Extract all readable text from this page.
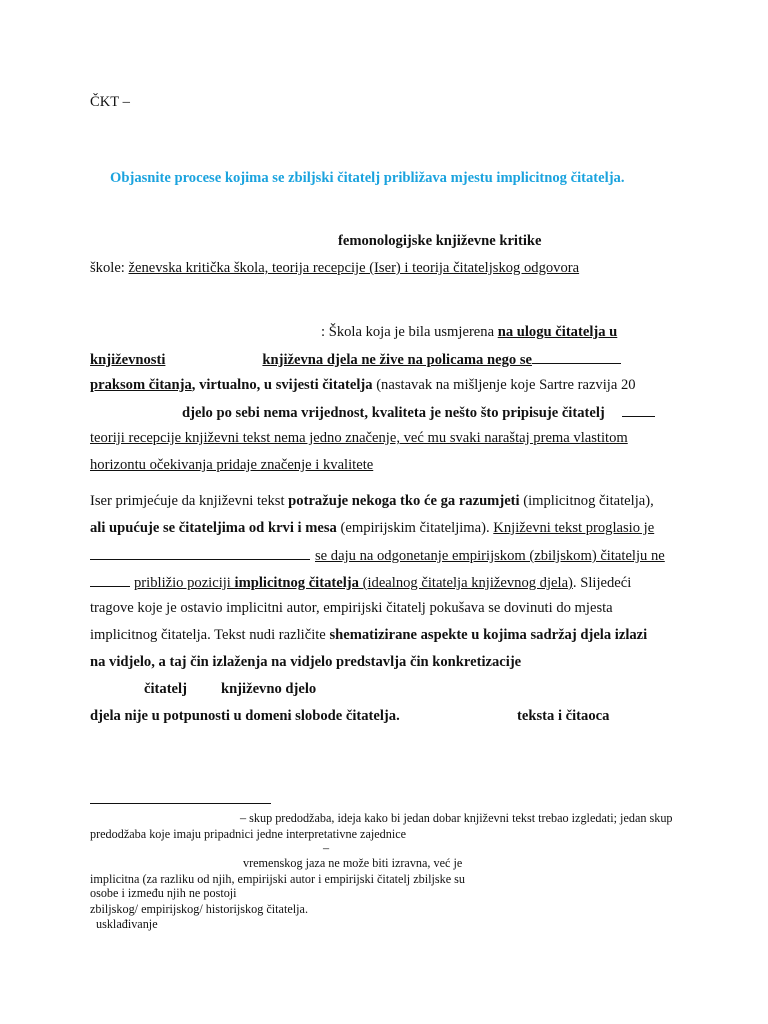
ČKT –
Objasnite procese kojima se zbiljski čitatelj približava mjestu implicitnog čitatelja.
femonologijske književne kritike
škole: ženevska kritička škola, teorija recepcije (Iser) i teorija čitateljskog odgovora
: Škola koja je bila usmjerena na ulogu čitatelja u
književnosti	književna djela ne žive na policama nego se
praksom čitanja, virtualno, u svijesti čitatelja (nastavak na mišljenje koje Sartre razvija 20
djelo po sebi nema vrijednost, kvaliteta je nešto što pripisuje čitatelj
teoriji recepcije književni tekst nema jedno značenje, već mu svaki naraštaj prema vlastitom
horizontu očekivanja pridaje značenje i kvalitete
Iser primjećuje da književni tekst potražuje nekoga tko će ga razumjeti (implicitnog čitatelja),
ali upućuje se čitateljima od krvi i mesa (empirijskim čitateljima). Književni tekst proglasio je
se daju na odgonetanje empirijskom (zbiljskom) čitatelju ne
približio poziciji implicitnog čitatelja (idealnog čitatelja književnog djela). Slijedeći
tragove koje je ostavio implicitni autor, empirijski čitatelj pokušava se dovinuti do mjesta
implicitnog čitatelja. Tekst nudi različite shematizirane aspekte u kojima sadržaj djela izlazi
na vidjelo, a taj čin izlaženja na vidjelo predstavlja čin konkretizacije
čitatelj književno djelo
djela nije u potpunosti u domeni slobode čitatelja.	teksta i čitaoca
– skup predodžaba, ideja kako bi jedan dobar književni tekst trebao izgledati; jedan skup
predodžaba koje imaju pripadnici jedne interpretativne zajednice
–
vremenskog jaza ne može biti izravna, već je
implicitna (za razliku od njih, empirijski autor i empirijski čitatelj zbiljske su
osobe i između njih ne postoji
zbiljskog/ empirijskog/ historijskog čitatelja.
usklađivanje
